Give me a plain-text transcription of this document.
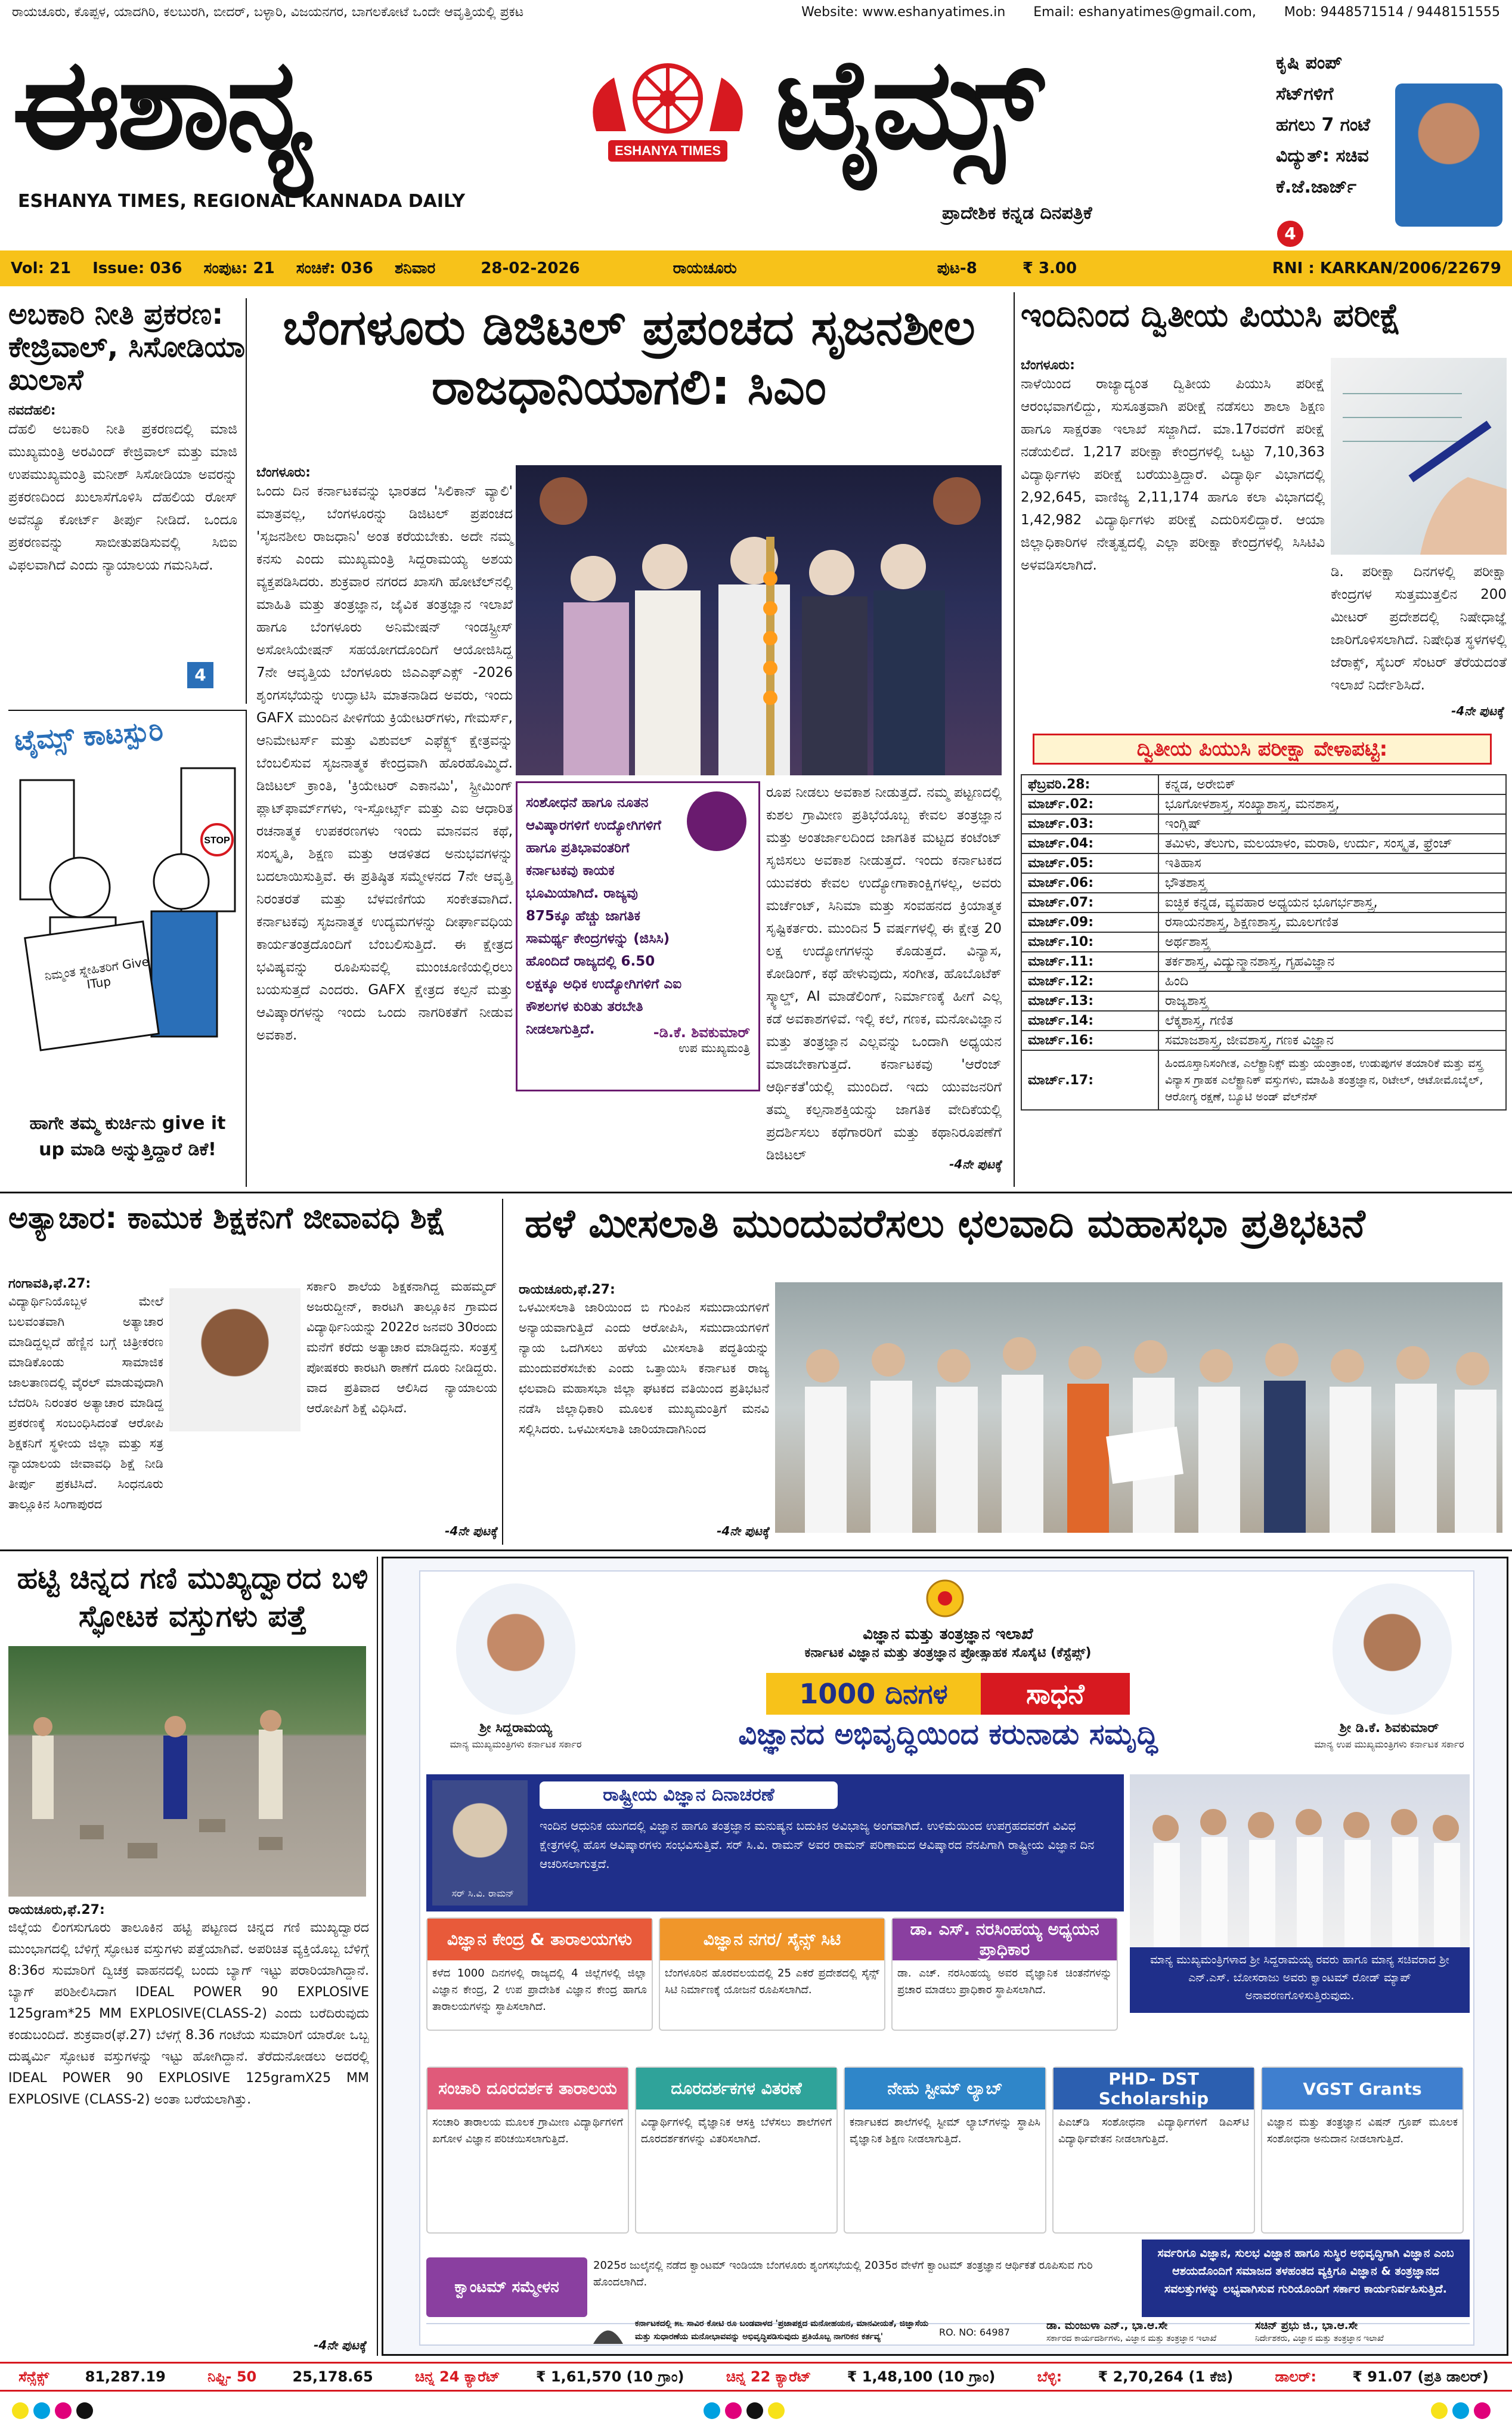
ರಾಯಚೂರು, ಕೊಪ್ಪಳ, ಯಾದಗಿರಿ, ಕಲಬುರಗಿ, ಬೀದರ್, ಬಳ್ಳಾರಿ, ವಿಜಯನಗರ, ಬಾಗಲಕೋಟೆ ಒಂದೇ ಆವೃತ್ತಿಯಲ್ಲಿ ಪ್ರಕಟ	Website: www.eshanyatimes.in Email: eshanyatimes@gmail.com, Mob: 9448571514 / 9448151555
ಈಶಾನ್ಯ	ESHANYA TIMES ಟೈಮ್ಸ್
ESHANYA TIMES, REGIONAL KANNADA DAILY
ಪ್ರಾದೇಶಿಕ ಕನ್ನಡ ದಿನಪತ್ರಿಕೆ
ಕೃಷಿ ಪಂಪ್
ಸೆಟ್‌ಗಳಿಗೆ
ಹಗಲು 7 ಗಂಟೆ
ವಿದ್ಯುತ್: ಸಚಿವ
ಕೆ.ಜೆ.ಜಾರ್ಜ್
4
Vol: 21	Issue: 036	ಸಂಪುಟ: 21	ಸಂಚಿಕೆ: 036	ಶನಿವಾರ	28-02-2026	ರಾಯಚೂರು	ಪುಟ-8	₹ 3.00	RNI : KARKAN/2006/22679
ಅಬಕಾರಿ ನೀತಿ ಪ್ರಕರಣ: ಕೇಜ್ರಿವಾಲ್, ಸಿಸೋಡಿಯಾ ಖುಲಾಸೆ
ನವದೆಹಲಿ:
ದೆಹಲಿ ಅಬಕಾರಿ ನೀತಿ ಪ್ರಕರಣದಲ್ಲಿ ಮಾಜಿ ಮುಖ್ಯಮಂತ್ರಿ ಅರವಿಂದ್ ಕೇಜ್ರಿವಾಲ್ ಮತ್ತು ಮಾಜಿ ಉಪಮುಖ್ಯಮಂತ್ರಿ ಮನೀಶ್ ಸಿಸೋಡಿಯಾ ಅವರನ್ನು ಪ್ರಕರಣದಿಂದ ಖುಲಾಸೆಗೊಳಿಸಿ ದೆಹಲಿಯ ರೋಸ್ ಅವೆನ್ಯೂ ಕೋರ್ಟ್ ತೀರ್ಪು ನೀಡಿದೆ. ಒಂದೂ ಪ್ರಕರಣವನ್ನು ಸಾಬೀತುಪಡಿಸುವಲ್ಲಿ ಸಿಬಿಐ ವಿಫಲವಾಗಿದೆ ಎಂದು ನ್ಯಾಯಾಲಯ ಗಮನಿಸಿದೆ.
4
ಟೈಮ್ಸ್ ಕಾಟಸ್ಪುರಿ
STOP
ನಿಮ್ಮಂತ ಸ್ನೇಹಿತರಿಗೆ Give ITup
ಹಾಗೇ ತಮ್ಮ ಕುರ್ಚಿನು give it up ಮಾಡಿ ಅನ್ನುತ್ತಿದ್ದಾರೆ ಡಿಕೆ!
ಬೆಂಗಳೂರು ಡಿಜಿಟಲ್ ಪ್ರಪಂಚದ ಸೃಜನಶೀಲ ರಾಜಧಾನಿಯಾಗಲಿ: ಸಿಎಂ
ಬೆಂಗಳೂರು:
ಒಂದು ದಿನ ಕರ್ನಾಟಕವನ್ನು ಭಾರತದ 'ಸಿಲಿಕಾನ್ ವ್ಯಾಲಿ' ಮಾತ್ರವಲ್ಲ, ಬೆಂಗಳೂರನ್ನು ಡಿಜಿಟಲ್ ಪ್ರಪಂಚದ 'ಸೃಜನಶೀಲ ರಾಜಧಾನಿ' ಅಂತ ಕರೆಯಬೇಕು. ಅದೇ ನಮ್ಮ ಕನಸು ಎಂದು ಮುಖ್ಯಮಂತ್ರಿ ಸಿದ್ದರಾಮಯ್ಯ ಅಶಯ ವ್ಯಕ್ತಪಡಿಸಿದರು. ಶುಕ್ರವಾರ ನಗರದ ಖಾಸಗಿ ಹೋಟೆಲ್‌ನಲ್ಲಿ ಮಾಹಿತಿ ಮತ್ತು ತಂತ್ರಜ್ಞಾನ, ಜೈವಿಕ ತಂತ್ರಜ್ಞಾನ ಇಲಾಖೆ ಹಾಗೂ ಬೆಂಗಳೂರು ಅನಿಮೇಷನ್ ಇಂಡಸ್ಟ್ರೀಸ್ ಅಸೋಸಿಯೇಷನ್ ಸಹಯೋಗದೊಂದಿಗೆ ಆಯೋಜಿಸಿದ್ದ 7ನೇ ಆವೃತ್ತಿಯ ಬೆಂಗಳೂರು ಜಿಎಎಫ್‌ಎಕ್ಸ್ -2026 ಶೃಂಗಸಭೆಯನ್ನು ಉದ್ಘಾಟಿಸಿ ಮಾತನಾಡಿದ ಅವರು, ಇಂದು GAFX ಮುಂದಿನ ಪೀಳಿಗೆಯ ಕ್ರಿಯೇಟರ್‌ಗಳು, ಗೇಮರ್ಸ್, ಆನಿಮೇಟರ್ಸ್ ಮತ್ತು ವಿಶುವಲ್ ಎಫೆಕ್ಟ್ಸ್ ಕ್ಷೇತ್ರವನ್ನು ಬೆಂಬಲಿಸುವ ಸೃಜನಾತ್ಮಕ ಕೇಂದ್ರವಾಗಿ ಹೊರಹೊಮ್ಮಿದೆ. ಡಿಜಿಟಲ್ ಕ್ರಾಂತಿ, 'ಕ್ರಿಯೇಟರ್ ಎಕಾನಮಿ', ಸ್ಟ್ರೀಮಿಂಗ್ ಪ್ಲಾಟ್‌ಫಾರ್ಮ್‌ಗಳು, ಇ-ಸ್ಪೋರ್ಟ್ಸ್ ಮತ್ತು ಎಐ ಆಧಾರಿತ ರಚನಾತ್ಮಕ ಉಪಕರಣಗಳು ಇಂದು ಮಾನವನ ಕಥೆ, ಸಂಸ್ಕೃತಿ, ಶಿಕ್ಷಣ ಮತ್ತು ಆಡಳಿತದ ಅನುಭವಗಳನ್ನು ಬದಲಾಯಿಸುತ್ತಿವೆ. ಈ ಪ್ರತಿಷ್ಠಿತ ಸಮ್ಮೇಳನದ 7ನೇ ಆವೃತ್ತಿ ನಿರಂತರತೆ ಮತ್ತು ಬೆಳವಣಿಗೆಯ ಸಂಕೇತವಾಗಿದೆ. ಕರ್ನಾಟಕವು ಸೃಜನಾತ್ಮಕ ಉದ್ಯಮಗಳನ್ನು ದೀರ್ಘಾವಧಿಯ ಕಾರ್ಯತಂತ್ರದೊಂದಿಗೆ ಬೆಂಬಲಿಸುತ್ತಿದೆ. ಈ ಕ್ಷೇತ್ರದ ಭವಿಷ್ಯವನ್ನು ರೂಪಿಸುವಲ್ಲಿ ಮುಂಚೂಣಿಯಲ್ಲಿರಲು ಬಯಸುತ್ತದೆ ಎಂದರು. GAFX ಕ್ಷೇತ್ರದ ಕಲ್ಪನೆ ಮತ್ತು ಆವಿಷ್ಕಾರಗಳನ್ನು ಇಂದು ಒಂದು ನಾಗರಿಕತೆಗೆ ನೀಡುವ ಅವಕಾಶ.
ಸಂಶೋಧನೆ ಹಾಗೂ ನೂತನ ಆವಿಷ್ಕಾರಗಳಿಗೆ ಉದ್ಯೋಗಿಗಳಿಗೆ ಹಾಗೂ ಪ್ರತಿಭಾವಂತರಿಗೆ ಕರ್ನಾಟಕವು ಕಾಯಕ ಭೂಮಿಯಾಗಿದೆ. ರಾಜ್ಯವು 875ಕ್ಕೂ ಹೆಚ್ಚು ಜಾಗತಿಕ ಸಾಮರ್ಥ್ಯ ಕೇಂದ್ರಗಳನ್ನು (ಜಿಸಿಸಿ) ಹೊಂದಿದೆ ರಾಜ್ಯದಲ್ಲಿ 6.50 ಲಕ್ಷಕ್ಕೂ ಅಧಿಕ ಉದ್ಯೋಗಿಗಳಿಗೆ ಎಐ ಕೌಶಲಗಳ ಕುರಿತು ತರಬೇತಿ ನೀಡಲಾಗುತ್ತಿದೆ.	-ಡಿ.ಕೆ. ಶಿವಕುಮಾರ್
ಉಪ ಮುಖ್ಯಮಂತ್ರಿ
ರೂಪ ನೀಡಲು ಅವಕಾಶ ನೀಡುತ್ತದೆ. ನಮ್ಮ ಪಟ್ಟಣದಲ್ಲಿ ಕುಶಲ ಗ್ರಾಮೀಣ ಪ್ರತಿಭೆಯೊಬ್ಬ ಕೇವಲ ತಂತ್ರಜ್ಞಾನ ಮತ್ತು ಅಂತರ್ಜಾಲದಿಂದ ಜಾಗತಿಕ ಮಟ್ಟದ ಕಂಟೆಂಟ್ ಸೃಜಿಸಲು ಅವಕಾಶ ನೀಡುತ್ತದೆ. ಇಂದು ಕರ್ನಾಟಕದ ಯುವಕರು ಕೇವಲ ಉದ್ಯೋಗಾಕಾಂಕ್ಷಿಗಳಲ್ಲ, ಅವರು ಮರ್ಚೆಂಟ್, ಸಿನಿಮಾ ಮತ್ತು ಸಂವಹನದ ಕ್ರಿಯಾತ್ಮಕ ಸೃಷ್ಟಿಕರ್ತರು. ಮುಂದಿನ 5 ವರ್ಷಗಳಲ್ಲಿ ಈ ಕ್ಷೇತ್ರ 20 ಲಕ್ಷ ಉದ್ಯೋಗಗಳನ್ನು ಕೊಡುತ್ತದೆ. ವಿನ್ಯಾಸ, ಕೋಡಿಂಗ್, ಕಥೆ ಹೇಳುವುದು, ಸಂಗೀತ, ಹೊಬೊಟೆಕ್ ಸ್ಕ್ಯಾಲ್ಡ್, AI ಮಾಡೆಲಿಂಗ್, ನಿರ್ಮಾಣಕ್ಕೆ ಹೀಗೆ ಎಲ್ಲ ಕಡೆ ಅವಕಾಶಗಳಿವೆ. ಇಲ್ಲಿ ಕಲೆ, ಗಣಕ, ಮನೋವಿಜ್ಞಾನ ಮತ್ತು ತಂತ್ರಜ್ಞಾನ ಎಲ್ಲವನ್ನು ಒಂದಾಗಿ ಅಧ್ಯಯನ ಮಾಡಬೇಕಾಗುತ್ತದೆ. ಕರ್ನಾಟಕವು 'ಆರೆಂಜ್ ಆರ್ಥಿಕತೆ'ಯಲ್ಲಿ ಮುಂದಿದೆ. ಇದು ಯುವಜನರಿಗೆ ತಮ್ಮ ಕಲ್ಪನಾಶಕ್ತಿಯನ್ನು ಜಾಗತಿಕ ವೇದಿಕೆಯಲ್ಲಿ ಪ್ರದರ್ಶಿಸಲು ಕಥೆಗಾರರಿಗೆ ಮತ್ತು ಕಥಾನಿರೂಪಣೆಗೆ ಡಿಜಿಟಲ್
-4ನೇ ಪುಟಕ್ಕೆ
ಇಂದಿನಿಂದ ದ್ವಿತೀಯ ಪಿಯುಸಿ ಪರೀಕ್ಷೆ
ಬೆಂಗಳೂರು:
ನಾಳೆಯಿಂದ ರಾಜ್ಯಾದ್ಯಂತ ದ್ವಿತೀಯ ಪಿಯುಸಿ ಪರೀಕ್ಷೆ ಆರಂಭವಾಗಲಿದ್ದು, ಸುಸೂತ್ರವಾಗಿ ಪರೀಕ್ಷೆ ನಡೆಸಲು ಶಾಲಾ ಶಿಕ್ಷಣ ಹಾಗೂ ಸಾಕ್ಷರತಾ ಇಲಾಖೆ ಸಜ್ಜಾಗಿದೆ. ಮಾ.17ರವರೆಗೆ ಪರೀಕ್ಷೆ ನಡೆಯಲಿದೆ. 1,217 ಪರೀಕ್ಷಾ ಕೇಂದ್ರಗಳಲ್ಲಿ ಒಟ್ಟು 7,10,363 ವಿದ್ಯಾರ್ಥಿಗಳು ಪರೀಕ್ಷೆ ಬರೆಯುತ್ತಿದ್ದಾರೆ. ವಿದ್ಯಾರ್ಥಿ ವಿಭಾಗದಲ್ಲಿ 2,92,645, ವಾಣಿಜ್ಯ 2,11,174 ಹಾಗೂ ಕಲಾ ವಿಭಾಗದಲ್ಲಿ 1,42,982 ವಿದ್ಯಾರ್ಥಿಗಳು ಪರೀಕ್ಷೆ ಎದುರಿಸಲಿದ್ದಾರೆ. ಆಯಾ ಜಿಲ್ಲಾಧಿಕಾರಿಗಳ ನೇತೃತ್ವದಲ್ಲಿ ಎಲ್ಲಾ ಪರೀಕ್ಷಾ ಕೇಂದ್ರಗಳಲ್ಲಿ ಸಿಸಿಟಿವಿ ಅಳವಡಿಸಲಾಗಿದೆ.	ಡಿ. ಪರೀಕ್ಷಾ ದಿನಗಳಲ್ಲಿ ಪರೀಕ್ಷಾ ಕೇಂದ್ರಗಳ ಸುತ್ತಮುತ್ತಲಿನ 200 ಮೀಟರ್ ಪ್ರದೇಶದಲ್ಲಿ ನಿಷೇಧಾಜ್ಞೆ ಜಾರಿಗೊಳಿಸಲಾಗಿದೆ. ನಿಷೇಧಿತ ಸ್ಥಳಗಳಲ್ಲಿ ಜೆರಾಕ್ಸ್, ಸೈಬರ್ ಸೆಂಟರ್ ತೆರೆಯದಂತೆ ಇಲಾಖೆ ನಿರ್ದೇಶಿಸಿದೆ.
-4ನೇ ಪುಟಕ್ಕೆ
ದ್ವಿತೀಯ ಪಿಯುಸಿ ಪರೀಕ್ಷಾ ವೇಳಾಪಟ್ಟಿ:
ಫೆಬ್ರವರಿ.28:	ಕನ್ನಡ, ಅರೇಬಿಕ್
ಮಾರ್ಚ್.02:	ಭೂಗೋಳಶಾಸ್ತ್ರ, ಸಂಖ್ಯಾಶಾಸ್ತ್ರ, ಮನಶಾಸ್ತ್ರ,
ಮಾರ್ಚ್.03:	ಇಂಗ್ಲಿಷ್
ಮಾರ್ಚ್.04:	ತಮಿಳು, ತೆಲುಗು, ಮಲಯಾಳಂ, ಮರಾಠಿ, ಉರ್ದು, ಸಂಸ್ಕೃತ, ಫ್ರೆಂಚ್
ಮಾರ್ಚ್.05:	ಇತಿಹಾಸ
ಮಾರ್ಚ್.06:	ಭೌತಶಾಸ್ತ್ರ
ಮಾರ್ಚ್.07:	ಐಚ್ಛಿಕ ಕನ್ನಡ, ವ್ಯವಹಾರ ಅಧ್ಯಯನ ಭೂಗರ್ಭಶಾಸ್ತ್ರ,
ಮಾರ್ಚ್.09:	ರಸಾಯನಶಾಸ್ತ್ರ, ಶಿಕ್ಷಣಶಾಸ್ತ್ರ, ಮೂಲಗಣಿತ
ಮಾರ್ಚ್.10:	ಅರ್ಥಶಾಸ್ತ್ರ
ಮಾರ್ಚ್.11:	ತರ್ಕಶಾಸ್ತ್ರ, ವಿದ್ಯುನ್ಮಾನಶಾಸ್ತ್ರ, ಗೃಹವಿಜ್ಞಾನ
ಮಾರ್ಚ್.12:	ಹಿಂದಿ
ಮಾರ್ಚ್.13:	ರಾಜ್ಯಶಾಸ್ತ್ರ
ಮಾರ್ಚ್.14:	ಲೆಕ್ಕಶಾಸ್ತ್ರ, ಗಣಿತ
ಮಾರ್ಚ್.16:	ಸಮಾಜಶಾಸ್ತ್ರ, ಜೀವಶಾಸ್ತ್ರ, ಗಣಕ ವಿಜ್ಞಾನ
ಮಾರ್ಚ್.17:	ಹಿಂದೂಸ್ತಾನಿಸಂಗೀತ, ಎಲೆಕ್ಟ್ರಾನಿಕ್ಸ್ ಮತ್ತು ಯಂತ್ರಾಂಶ, ಉಡುಪುಗಳ ತಯಾರಿಕೆ ಮತ್ತು ವಸ್ತ್ರ ವಿನ್ಯಾಸ ಗ್ರಾಹಕ ಎಲೆಕ್ಟ್ರಾನಿಕ್ ವಸ್ತುಗಳು, ಮಾಹಿತಿ ತಂತ್ರಜ್ಞಾನ, ರಿಟೇಲ್, ಆಟೋಮೊಬೈಲ್, ಆರೋಗ್ಯ ರಕ್ಷಣೆ, ಬ್ಯೂಟಿ ಅಂಡ್ ವೆಲ್‌ನೆಸ್
ಅತ್ಯಾಚಾರ: ಕಾಮುಕ ಶಿಕ್ಷಕನಿಗೆ ಜೀವಾವಧಿ ಶಿಕ್ಷೆ
ಗಂಗಾವತಿ,ಫೆ.27:
ವಿದ್ಯಾರ್ಥಿನಿಯೊಬ್ಬಳ ಮೇಲೆ ಬಲವಂತವಾಗಿ ಅತ್ಯಾಚಾರ ಮಾಡಿದ್ದಲ್ಲದೆ ಹೆಣ್ಣಿನ ಬಗ್ಗೆ ಚಿತ್ರೀಕರಣ ಮಾಡಿಕೊಂಡು ಸಾಮಾಜಿಕ ಜಾಲತಾಣದಲ್ಲಿ ವೈರಲ್ ಮಾಡುವುದಾಗಿ ಬೆದರಿಸಿ ನಿರಂತರ ಅತ್ಯಾಚಾರ ಮಾಡಿದ್ದ ಪ್ರಕರಣಕ್ಕೆ ಸಂಬಂಧಿಸಿದಂತೆ ಆರೋಪಿ ಶಿಕ್ಷಕನಿಗೆ ಸ್ಥಳೀಯ ಜಿಲ್ಲಾ ಮತ್ತು ಸತ್ರ ನ್ಯಾಯಾಲಯ ಜೀವಾವಧಿ ಶಿಕ್ಷೆ ನೀಡಿ ತೀರ್ಪು ಪ್ರಕಟಿಸಿದೆ. ಸಿಂಧನೂರು ತಾಲ್ಲೂಕಿನ ಸಿಂಗಾಪುರದ
ಸರ್ಕಾರಿ ಶಾಲೆಯ ಶಿಕ್ಷಕನಾಗಿದ್ದ ಮಹಮ್ಮದ್ ಅಜರುದ್ದೀನ್, ಕಾರಟಗಿ ತಾಲ್ಲೂಕಿನ ಗ್ರಾಮದ ವಿದ್ಯಾರ್ಥಿನಿಯನ್ನು 2022ರ ಜನವರಿ 30ರಂದು ಮನೆಗೆ ಕರೆದು ಅತ್ಯಾಚಾರ ಮಾಡಿದ್ದನು. ಸಂತ್ರಸ್ತೆ ಪೋಷಕರು ಕಾರಟಗಿ ಠಾಣೆಗೆ ದೂರು ನೀಡಿದ್ದರು. ವಾದ ಪ್ರತಿವಾದ ಆಲಿಸಿದ ನ್ಯಾಯಾಲಯ ಆರೋಪಿಗೆ ಶಿಕ್ಷೆ ವಿಧಿಸಿದೆ.
-4ನೇ ಪುಟಕ್ಕೆ
ಹಳೆ ಮೀಸಲಾತಿ ಮುಂದುವರೆಸಲು ಛಲವಾದಿ ಮಹಾಸಭಾ ಪ್ರತಿಭಟನೆ
ರಾಯಚೂರು,ಫೆ.27:
ಒಳಮೀಸಲಾತಿ ಜಾರಿಯಿಂದ ಬಿ ಗುಂಪಿನ ಸಮುದಾಯಗಳಿಗೆ ಅನ್ಯಾಯವಾಗುತ್ತಿದೆ ಎಂದು ಆರೋಪಿಸಿ, ಸಮುದಾಯಗಳಿಗೆ ನ್ಯಾಯ ಒದಗಿಸಲು ಹಳೆಯ ಮೀಸಲಾತಿ ಪದ್ಧತಿಯನ್ನು ಮುಂದುವರೆಸಬೇಕು ಎಂದು ಒತ್ತಾಯಿಸಿ ಕರ್ನಾಟಕ ರಾಜ್ಯ ಛಲವಾದಿ ಮಹಾಸಭಾ ಜಿಲ್ಲಾ ಘಟಕದ ವತಿಯಿಂದ ಪ್ರತಿಭಟನೆ ನಡೆಸಿ ಜಿಲ್ಲಾಧಿಕಾರಿ ಮೂಲಕ ಮುಖ್ಯಮಂತ್ರಿಗೆ ಮನವಿ ಸಲ್ಲಿಸಿದರು. ಒಳಮೀಸಲಾತಿ ಜಾರಿಯಾದಾಗಿನಿಂದ
-4ನೇ ಪುಟಕ್ಕೆ
ಹಟ್ಟಿ ಚಿನ್ನದ ಗಣಿ ಮುಖ್ಯದ್ವಾರದ ಬಳಿ ಸ್ಫೋಟಕ ವಸ್ತುಗಳು ಪತ್ತೆ
ರಾಯಚೂರು,ಫೆ.27:
ಜಿಲ್ಲೆಯ ಲಿಂಗಸುಗೂರು ತಾಲೂಕಿನ ಹಟ್ಟಿ ಪಟ್ಟಣದ ಚಿನ್ನದ ಗಣಿ ಮುಖ್ಯದ್ವಾರದ ಮುಂಭಾಗದಲ್ಲಿ ಬೆಳಿಗ್ಗೆ ಸ್ಫೋಟಕ ವಸ್ತುಗಳು ಪತ್ತೆಯಾಗಿವೆ. ಅಪರಿಚಿತ ವ್ಯಕ್ತಿಯೊಬ್ಬ ಬೆಳಿಗ್ಗೆ 8:36ರ ಸುಮಾರಿಗೆ ದ್ವಿಚಕ್ರ ವಾಹನದಲ್ಲಿ ಬಂದು ಬ್ಯಾಗ್ ಇಟ್ಟು ಪರಾರಿಯಾಗಿದ್ದಾನೆ. ಬ್ಯಾಗ್ ಪರಿಶೀಲಿಸಿದಾಗ IDEAL POWER 90 EXPLOSIVE 125gram*25 MM EXPLOSIVE(CLASS-2) ಎಂದು ಬರೆದಿರುವುದು ಕಂಡುಬಂದಿದೆ. ಶುಕ್ರವಾರ(ಫೆ.27) ಬೆಳಗ್ಗೆ 8.36 ಗಂಟೆಯ ಸುಮಾರಿಗೆ ಯಾರೋ ಒಬ್ಬ ದುಷ್ಕರ್ಮಿ ಸ್ಫೋಟಕ ವಸ್ತುಗಳನ್ನು ಇಟ್ಟು ಹೋಗಿದ್ದಾನೆ. ತೆರೆದುನೋಡಲು ಅದರಲ್ಲಿ IDEAL POWER 90 EXPLOSIVE 125gramX25 MM EXPLOSIVE (CLASS-2) ಅಂತಾ ಬರೆಯಲಾಗಿತ್ತು.
-4ನೇ ಪುಟಕ್ಕೆ
ಶ್ರೀ ಸಿದ್ದರಾಮಯ್ಯ
ಮಾನ್ಯ ಮುಖ್ಯಮಂತ್ರಿಗಳು ಕರ್ನಾಟಕ ಸರ್ಕಾರ
ಶ್ರೀ ಡಿ.ಕೆ. ಶಿವಕುಮಾರ್
ಮಾನ್ಯ ಉಪ ಮುಖ್ಯಮಂತ್ರಿಗಳು ಕರ್ನಾಟಕ ಸರ್ಕಾರ
ವಿಜ್ಞಾನ ಮತ್ತು ತಂತ್ರಜ್ಞಾನ ಇಲಾಖೆ
ಕರ್ನಾಟಕ ವಿಜ್ಞಾನ ಮತ್ತು ತಂತ್ರಜ್ಞಾನ ಪ್ರೋತ್ಸಾಹಕ ಸೊಸೈಟಿ (ಕೆಸ್ಟೆಪ್ಸ್)
1000 ದಿನಗಳ	ಸಾಧನೆ
ವಿಜ್ಞಾನದ ಅಭಿವೃದ್ಧಿಯಿಂದ ಕರುನಾಡು ಸಮೃದ್ಧಿ
ಸರ್ ಸಿ.ವಿ. ರಾಮನ್
ರಾಷ್ಟ್ರೀಯ ವಿಜ್ಞಾನ ದಿನಾಚರಣೆ
ಇಂದಿನ ಆಧುನಿಕ ಯುಗದಲ್ಲಿ ವಿಜ್ಞಾನ ಹಾಗೂ ತಂತ್ರಜ್ಞಾನ ಮನುಷ್ಯನ ಬದುಕಿನ ಅವಿಭಾಜ್ಯ ಅಂಗವಾಗಿದೆ. ಉಳಿಮೆಯಿಂದ ಉಪಗ್ರಹದವರೆಗೆ ವಿವಿಧ ಕ್ಷೇತ್ರಗಳಲ್ಲಿ ಹೊಸ ಆವಿಷ್ಕಾರಗಳು ಸಂಭವಿಸುತ್ತಿವೆ. ಸರ್ ಸಿ.ವಿ. ರಾಮನ್ ಅವರ ರಾಮನ್ ಪರಿಣಾಮದ ಆವಿಷ್ಕಾರದ ನೆನಪಿಗಾಗಿ ರಾಷ್ಟ್ರೀಯ ವಿಜ್ಞಾನ ದಿನ ಆಚರಿಸಲಾಗುತ್ತದೆ.
ಮಾನ್ಯ ಮುಖ್ಯಮಂತ್ರಿಗಳಾದ ಶ್ರೀ ಸಿದ್ದರಾಮಯ್ಯ ರವರು ಹಾಗೂ ಮಾನ್ಯ ಸಚಿವರಾದ ಶ್ರೀ ಎನ್.ಎಸ್. ಬೋಸರಾಜು ಅವರು ಕ್ವಾಂಟಮ್ ರೋಡ್ ಮ್ಯಾಪ್ ಅನಾವರಣಗೊಳಿಸುತ್ತಿರುವುದು.
ವಿಜ್ಞಾನ ಕೇಂದ್ರ & ತಾರಾಲಯಗಳು
ಕಳೆದ 1000 ದಿನಗಳಲ್ಲಿ ರಾಜ್ಯದಲ್ಲಿ 4 ಜಿಲ್ಲೆಗಳಲ್ಲಿ ಜಿಲ್ಲಾ ವಿಜ್ಞಾನ ಕೇಂದ್ರ, 2 ಉಪ ಪ್ರಾದೇಶಿಕ ವಿಜ್ಞಾನ ಕೇಂದ್ರ ಹಾಗೂ ತಾರಾಲಯಗಳನ್ನು ಸ್ಥಾಪಿಸಲಾಗಿದೆ.
ವಿಜ್ಞಾನ ನಗರ/ ಸೈನ್ಸ್ ಸಿಟಿ
ಬೆಂಗಳೂರಿನ ಹೊರವಲಯದಲ್ಲಿ 25 ಎಕರೆ ಪ್ರದೇಶದಲ್ಲಿ ಸೈನ್ಸ್ ಸಿಟಿ ನಿರ್ಮಾಣಕ್ಕೆ ಯೋಜನೆ ರೂಪಿಸಲಾಗಿದೆ.
ಡಾ. ಎಸ್. ನರಸಿಂಹಯ್ಯ ಅಧ್ಯಯನ ಪ್ರಾಧಿಕಾರ
ಡಾ. ಎಚ್. ನರಸಿಂಹಯ್ಯ ಅವರ ವೈಜ್ಞಾನಿಕ ಚಿಂತನೆಗಳನ್ನು ಪ್ರಚಾರ ಮಾಡಲು ಪ್ರಾಧಿಕಾರ ಸ್ಥಾಪಿಸಲಾಗಿದೆ.
ಸಂಚಾರಿ ದೂರದರ್ಶಕ ತಾರಾಲಯ
ಸಂಚಾರಿ ತಾರಾಲಯ ಮೂಲಕ ಗ್ರಾಮೀಣ ವಿದ್ಯಾರ್ಥಿಗಳಿಗೆ ಖಗೋಳ ವಿಜ್ಞಾನ ಪರಿಚಯಿಸಲಾಗುತ್ತಿದೆ.
ದೂರದರ್ಶಕಗಳ ವಿತರಣೆ
ವಿದ್ಯಾರ್ಥಿಗಳಲ್ಲಿ ವೈಜ್ಞಾನಿಕ ಆಸಕ್ತಿ ಬೆಳೆಸಲು ಶಾಲೆಗಳಿಗೆ ದೂರದರ್ಶಕಗಳನ್ನು ವಿತರಿಸಲಾಗಿದೆ.
ನೇಹು ಸ್ಟೀಮ್ ಲ್ಯಾಬ್
ಕರ್ನಾಟಕದ ಶಾಲೆಗಳಲ್ಲಿ ಸ್ಟೀಮ್ ಲ್ಯಾಬ್‌ಗಳನ್ನು ಸ್ಥಾಪಿಸಿ ವೈಜ್ಞಾನಿಕ ಶಿಕ್ಷಣ ನೀಡಲಾಗುತ್ತಿದೆ.
PHD- DST Scholarship
ಪಿಎಚ್‌ಡಿ ಸಂಶೋಧನಾ ವಿದ್ಯಾರ್ಥಿಗಳಿಗೆ ಡಿಎಸ್‌ಟಿ ವಿದ್ಯಾರ್ಥಿವೇತನ ನೀಡಲಾಗುತ್ತಿದೆ.
VGST Grants
ವಿಜ್ಞಾನ ಮತ್ತು ತಂತ್ರಜ್ಞಾನ ವಿಷನ್ ಗ್ರೂಪ್ ಮೂಲಕ ಸಂಶೋಧನಾ ಅನುದಾನ ನೀಡಲಾಗುತ್ತಿದೆ.
ಕ್ವಾಂಟಮ್ ಸಮ್ಮೇಳನ
2025ರ ಜುಲೈನಲ್ಲಿ ನಡೆದ ಕ್ವಾಂಟಮ್ ಇಂಡಿಯಾ ಬೆಂಗಳೂರು ಶೃಂಗಸಭೆಯಲ್ಲಿ 2035ರ ವೇಳೆಗೆ ಕ್ವಾಂಟಮ್ ತಂತ್ರಜ್ಞಾನ ಆರ್ಥಿಕತೆ ರೂಪಿಸುವ ಗುರಿ ಹೊಂದಲಾಗಿದೆ.
ಸರ್ವರಿಗೂ ವಿಜ್ಞಾನ, ಸುಲಭ ವಿಜ್ಞಾನ ಹಾಗೂ ಸುಸ್ಥಿರ ಅಭಿವೃದ್ಧಿಗಾಗಿ ವಿಜ್ಞಾನ ಎಂಬ ಆಶಯದೊಂದಿಗೆ ಸಮಾಜದ ತಳಹಂತದ ವ್ಯಕ್ತಿಗೂ ವಿಜ್ಞಾನ & ತಂತ್ರಜ್ಞಾನದ ಸವಲತ್ತುಗಳನ್ನು ಲಭ್ಯವಾಗಿಸುವ ಗುರಿಯೊಂದಿಗೆ ಸರ್ಕಾರ ಕಾರ್ಯನಿರ್ವಹಿಸುತ್ತಿದೆ.
ಕರ್ನಾಟಕದಲ್ಲಿ ೫೬ ಸಾವಿರ ಕೋಟಿ ರೂ ಬಂಡವಾಳದ 'ಪ್ರಜಾಪಕ್ಷದ ಮನೋಹಯನ, ಮಾನವೀಯತೆ, ಜಿಜ್ಞಾಸೆಯ ಮತ್ತು ಸುಧಾರಣೆಯ ಮನೋಭಾವವನ್ನು ಅಭಿವೃದ್ಧಿಪಡಿಸುವುದು ಪ್ರತಿಯೊಬ್ಬ ನಾಗರಿಕನ ಕರ್ತವ್ಯ'	RO. NO: 64987
ಡಾ. ಮಂಜುಳಾ ಎನ್., ಭಾ.ಆ.ಸೇ
ಸರ್ಕಾರದ ಕಾರ್ಯದರ್ಶಿಗಳು, ವಿಜ್ಞಾನ ಮತ್ತು ತಂತ್ರಜ್ಞಾನ ಇಲಾಖೆ
ಸಚಿನ್ ಪ್ರಭು ಜಿ., ಭಾ.ಆ.ಸೇ
ನಿರ್ದೇಶಕರು, ವಿಜ್ಞಾನ ಮತ್ತು ತಂತ್ರಜ್ಞಾನ ಇಲಾಖೆ
ಸೆನ್ಸೆಕ್ಸ್	81,287.19	ನಿಫ್ಟಿ- 50	25,178.65	ಚಿನ್ನ 24 ಕ್ಯಾರೆಟ್	₹ 1,61,570 (10 ಗ್ರಾಂ)	ಚಿನ್ನ 22 ಕ್ಯಾರೆಟ್	₹ 1,48,100 (10 ಗ್ರಾಂ)	ಬೆಳ್ಳಿ:	₹ 2,70,264 (1 ಕೆಜಿ)	ಡಾಲರ್:	₹ 91.07 (ಪ್ರತಿ ಡಾಲರ್)
